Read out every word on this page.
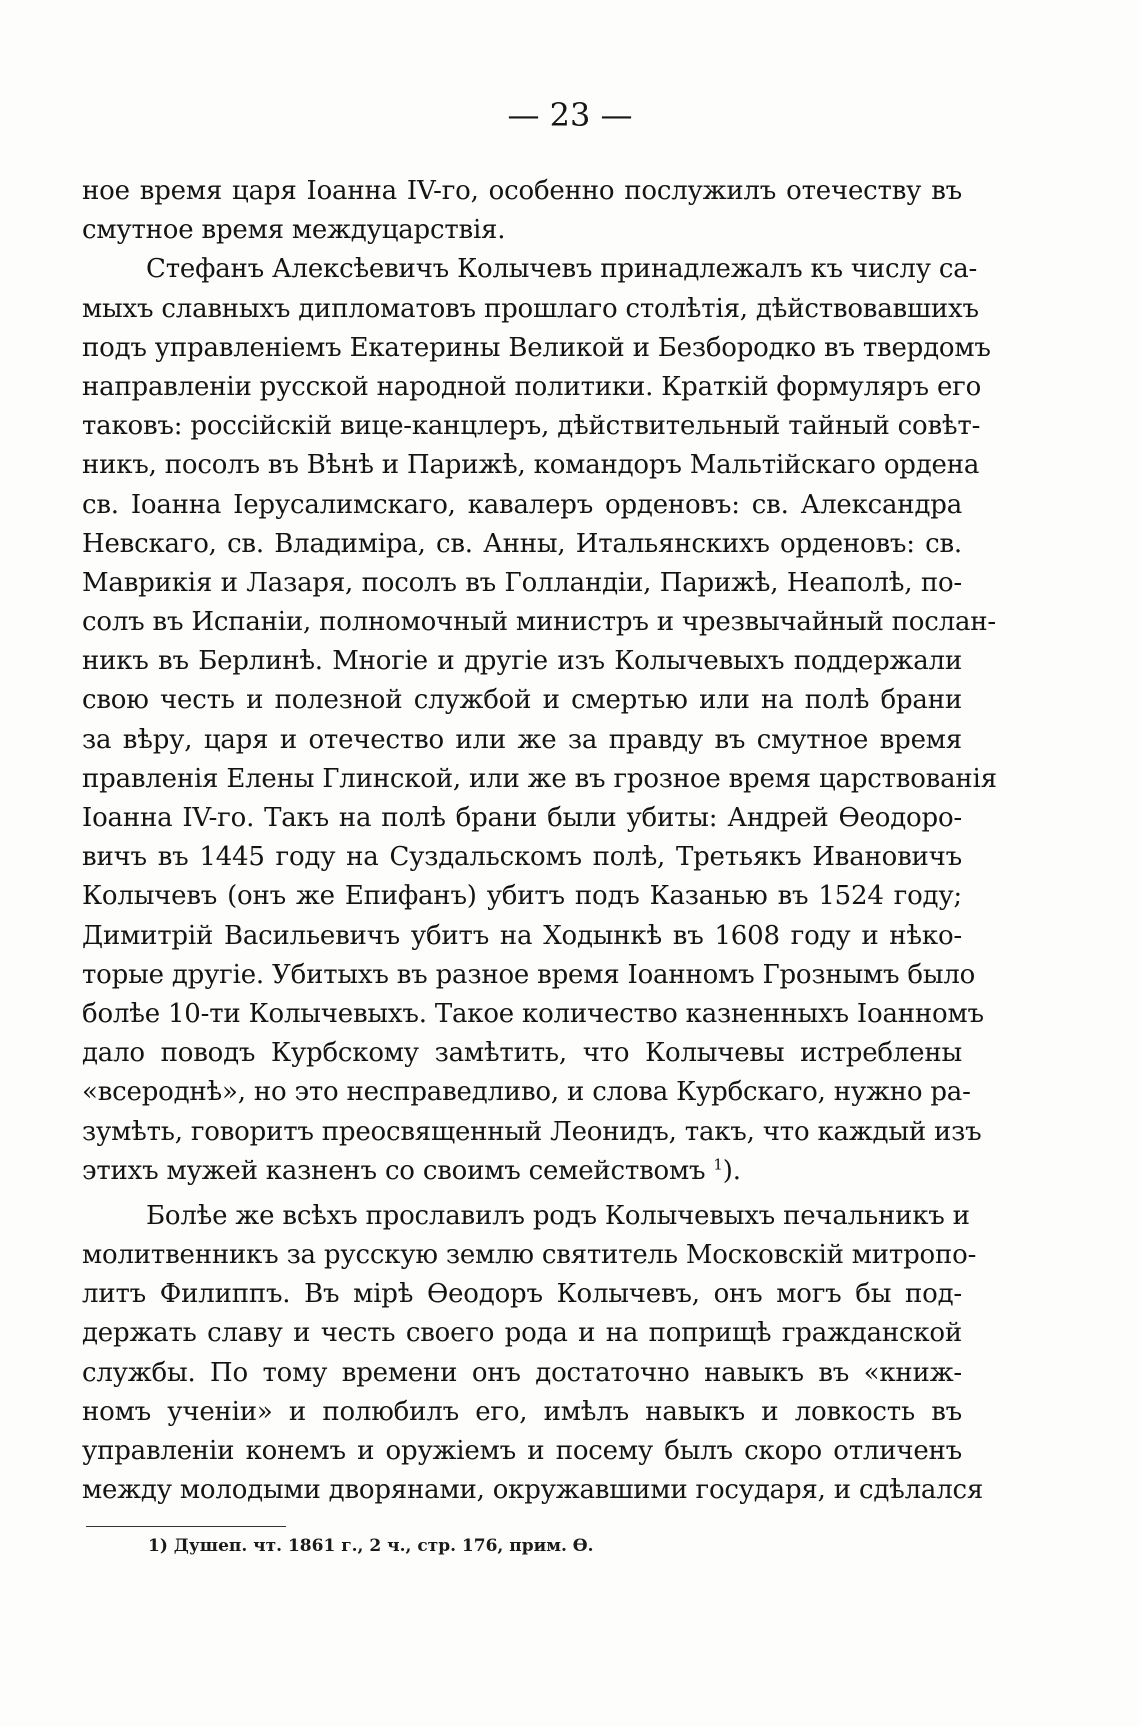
— 23 —
ное время царя Іоанна IV-го, особенно послужилъ отечеству въ
смутное время междуцарствія.
Стефанъ Алексѣевичъ Колычевъ принадлежалъ къ числу са-
мыхъ славныхъ дипломатовъ прошлаго столѣтія, дѣйствовавшихъ
подъ управленіемъ Екатерины Великой и Безбородко въ твердомъ
направленіи русской народной политики. Краткій формуляръ его
таковъ: россійскій вице-канцлеръ, дѣйствительный тайный совѣт-
никъ, посолъ въ Вѣнѣ и Парижѣ, командоръ Мальтійскаго ордена
св. Іоанна Іерусалимскаго, кавалеръ орденовъ: св. Александра
Невскаго, св. Владиміра, св. Анны, Итальянскихъ орденовъ: св.
Маврикія и Лазаря, посолъ въ Голландіи, Парижѣ, Неаполѣ, по-
солъ въ Испаніи, полномочный министръ и чрезвычайный послан-
никъ въ Берлинѣ. Многіе и другіе изъ Колычевыхъ поддержали
свою честь и полезной службой и смертью или на полѣ брани
за вѣру, царя и отечество или же за правду въ смутное время
правленія Елены Глинской, или же въ грозное время царствованія
Іоанна IV-го. Такъ на полѣ брани были убиты: Андрей Ѳеодоро-
вичъ въ 1445 году на Суздальскомъ полѣ, Третьякъ Ивановичъ
Колычевъ (онъ же Епифанъ) убитъ подъ Казанью въ 1524 году;
Димитрій Васильевичъ убитъ на Ходынкѣ въ 1608 году и нѣко-
торые другіе. Убитыхъ въ разное время Іоанномъ Грознымъ было
болѣе 10-ти Колычевыхъ. Такое количество казненныхъ Іоанномъ
дало поводъ Курбскому замѣтить, что Колычевы истреблены
«всероднѣ», но это несправедливо, и слова Курбскаго, нужно ра-
зумѣть, говоритъ преосвященный Леонидъ, такъ, что каждый изъ
этихъ мужей казненъ со своимъ семействомъ $^1$).
Болѣе же всѣхъ прославилъ родъ Колычевыхъ печальникъ и
молитвенникъ за русскую землю святитель Московскій митропо-
литъ Филиппъ. Въ мірѣ Ѳеодоръ Колычевъ, онъ могъ бы под-
держать славу и честь своего рода и на поприщѣ гражданской
службы. По тому времени онъ достаточно навыкъ въ «книж-
номъ ученіи» и полюбилъ его, имѣлъ навыкъ и ловкость въ
управленіи конемъ и оружіемъ и посему былъ скоро отличенъ
между молодыми дворянами, окружавшими государя, и сдѣлался
1) Душеп. чт. 1861 г., 2 ч., стр. 176, прим. Ѳ.
